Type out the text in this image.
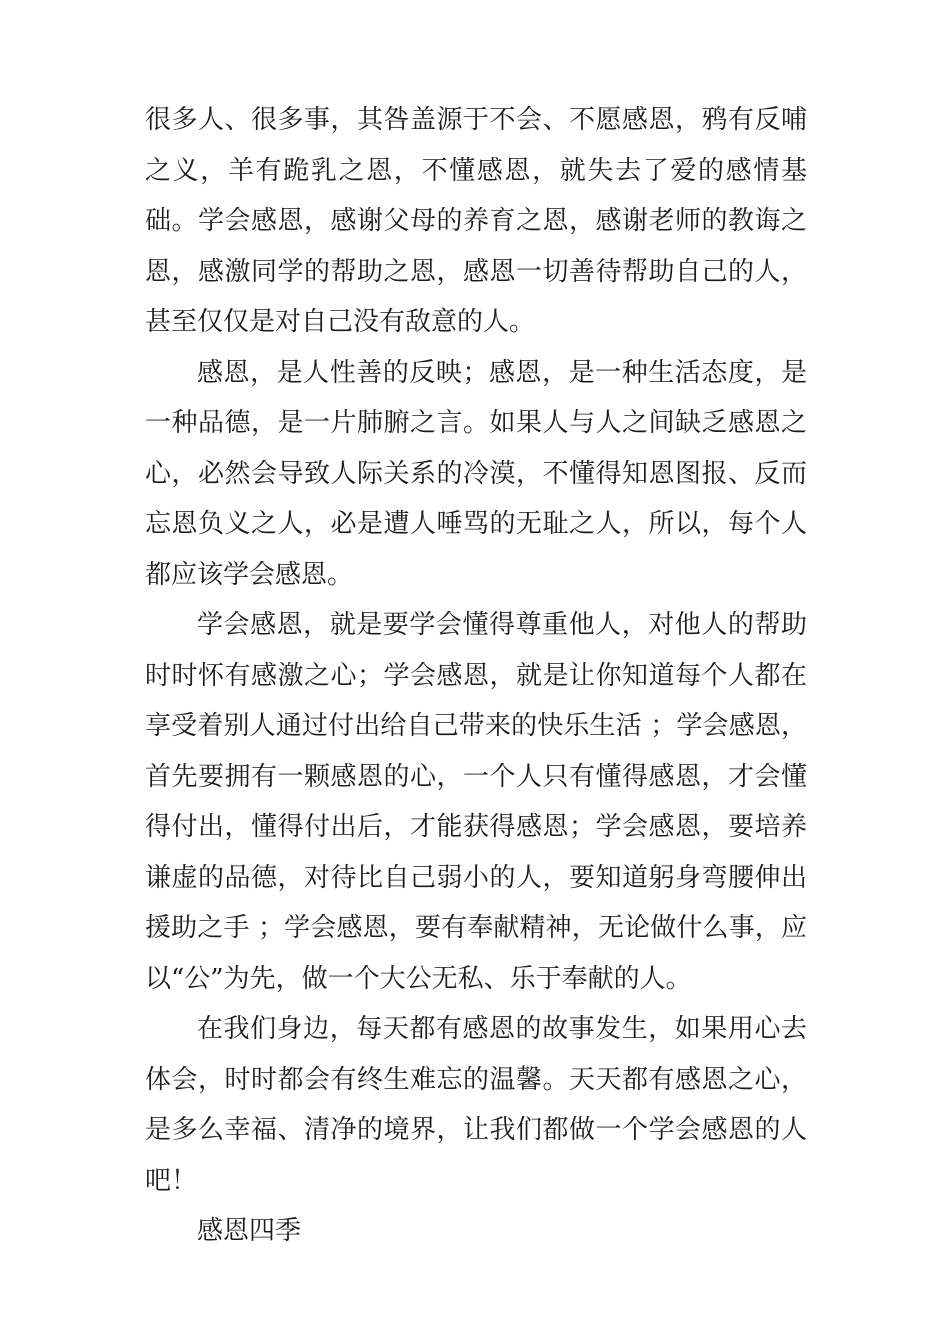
很多人、很多事，其咎盖源于不会、不愿感恩，鸦有反哺之义，羊有跪乳之恩，不懂感恩，就失去了爱的感情基础。学会感恩，感谢父母的养育之恩，感谢老师的教诲之恩，感激同学的帮助之恩，感恩一切善待帮助自己的人，甚至仅仅是对自己没有敌意的人。

感恩，是人性善的反映；感恩，是一种生活态度，是一种品德，是一片肺腑之言。如果人与人之间缺乏感恩之心，必然会导致人际关系的冷漠，不懂得知恩图报、反而忘恩负义之人，必是遭人唾骂的无耻之人，所以，每个人都应该学会感恩。

学会感恩，就是要学会懂得尊重他人，对他人的帮助时时怀有感激之心；学会感恩，就是让你知道每个人都在享受着别人通过付出给自己带来的快乐生活 ；学会感恩，首先要拥有一颗感恩的心，一个人只有懂得感恩，才会懂得付出，懂得付出后，才能获得感恩；学会感恩，要培养谦虚的品德，对待比自己弱小的人，要知道躬身弯腰伸出援助之手 ；学会感恩，要有奉献精神，无论做什么事，应以“公”为先，做一个大公无私、乐于奉献的人。

在我们身边，每天都有感恩的故事发生，如果用心去体会，时时都会有终生难忘的温馨。天天都有感恩之心，是多么幸福、清净的境界，让我们都做一个学会感恩的人吧！

感恩四季
